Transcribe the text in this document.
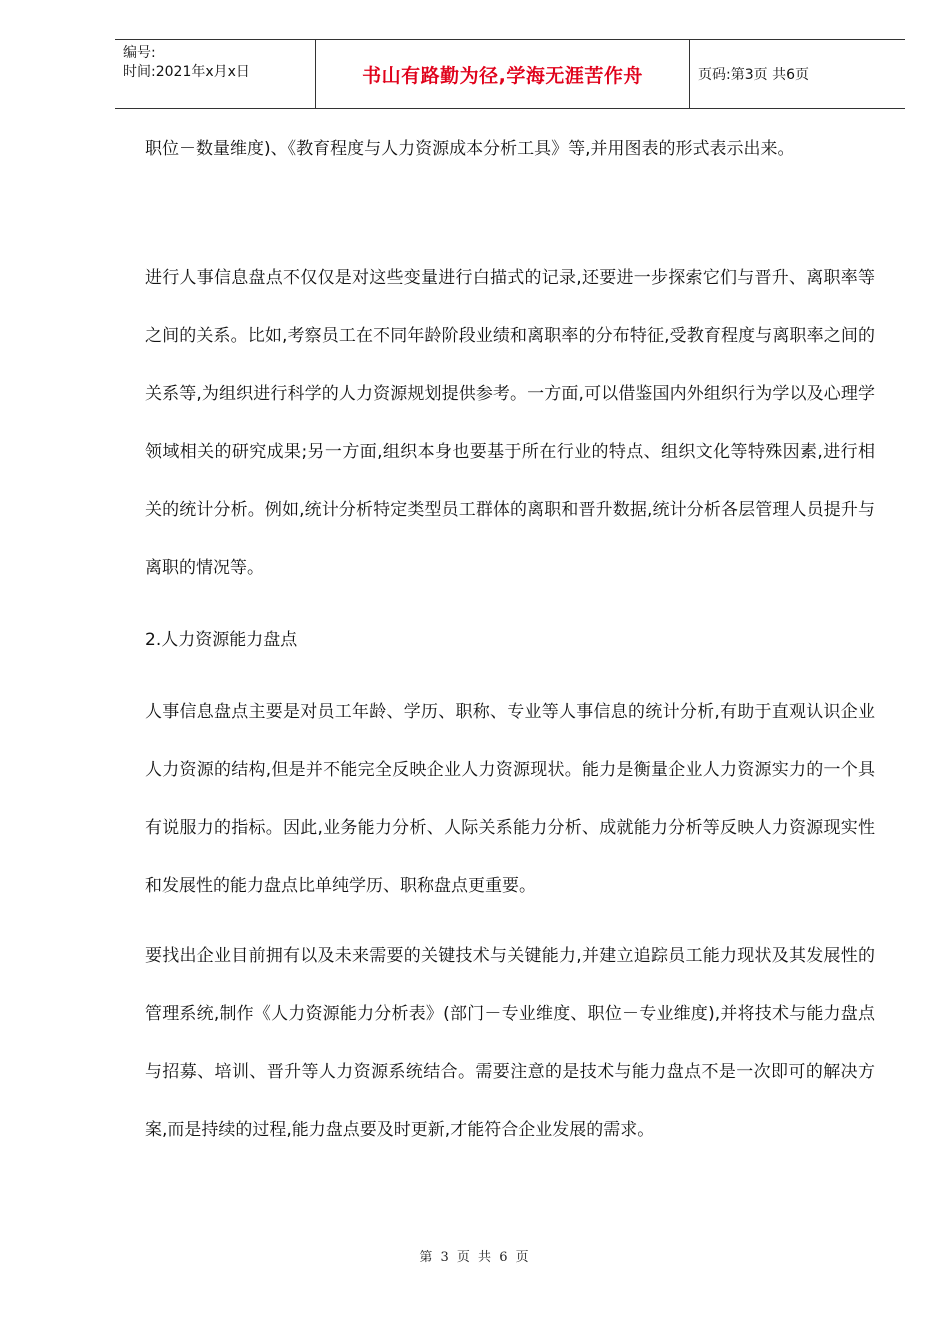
编号:
时间:2021年x月x日	书山有路勤为径,学海无涯苦作舟	页码:第3页 共6页

职位－数量维度)、《教育程度与人力资源成本分析工具》等,并用图表的形式表示出来。

进行人事信息盘点不仅仅是对这些变量进行白描式的记录,还要进一步探索它们与晋升、离职率等之间的关系。比如,考察员工在不同年龄阶段业绩和离职率的分布特征,受教育程度与离职率之间的关系等,为组织进行科学的人力资源规划提供参考。一方面,可以借鉴国内外组织行为学以及心理学领域相关的研究成果;另一方面,组织本身也要基于所在行业的特点、组织文化等特殊因素,进行相关的统计分析。例如,统计分析特定类型员工群体的离职和晋升数据,统计分析各层管理人员提升与离职的情况等。

2.人力资源能力盘点

人事信息盘点主要是对员工年龄、学历、职称、专业等人事信息的统计分析,有助于直观认识企业人力资源的结构,但是并不能完全反映企业人力资源现状。能力是衡量企业人力资源实力的一个具有说服力的指标。因此,业务能力分析、人际关系能力分析、成就能力分析等反映人力资源现实性和发展性的能力盘点比单纯学历、职称盘点更重要。

要找出企业目前拥有以及未来需要的关键技术与关键能力,并建立追踪员工能力现状及其发展性的管理系统,制作《人力资源能力分析表》(部门－专业维度、职位－专业维度),并将技术与能力盘点与招募、培训、晋升等人力资源系统结合。需要注意的是技术与能力盘点不是一次即可的解决方案,而是持续的过程,能力盘点要及时更新,才能符合企业发展的需求。

第 3 页 共 6 页
